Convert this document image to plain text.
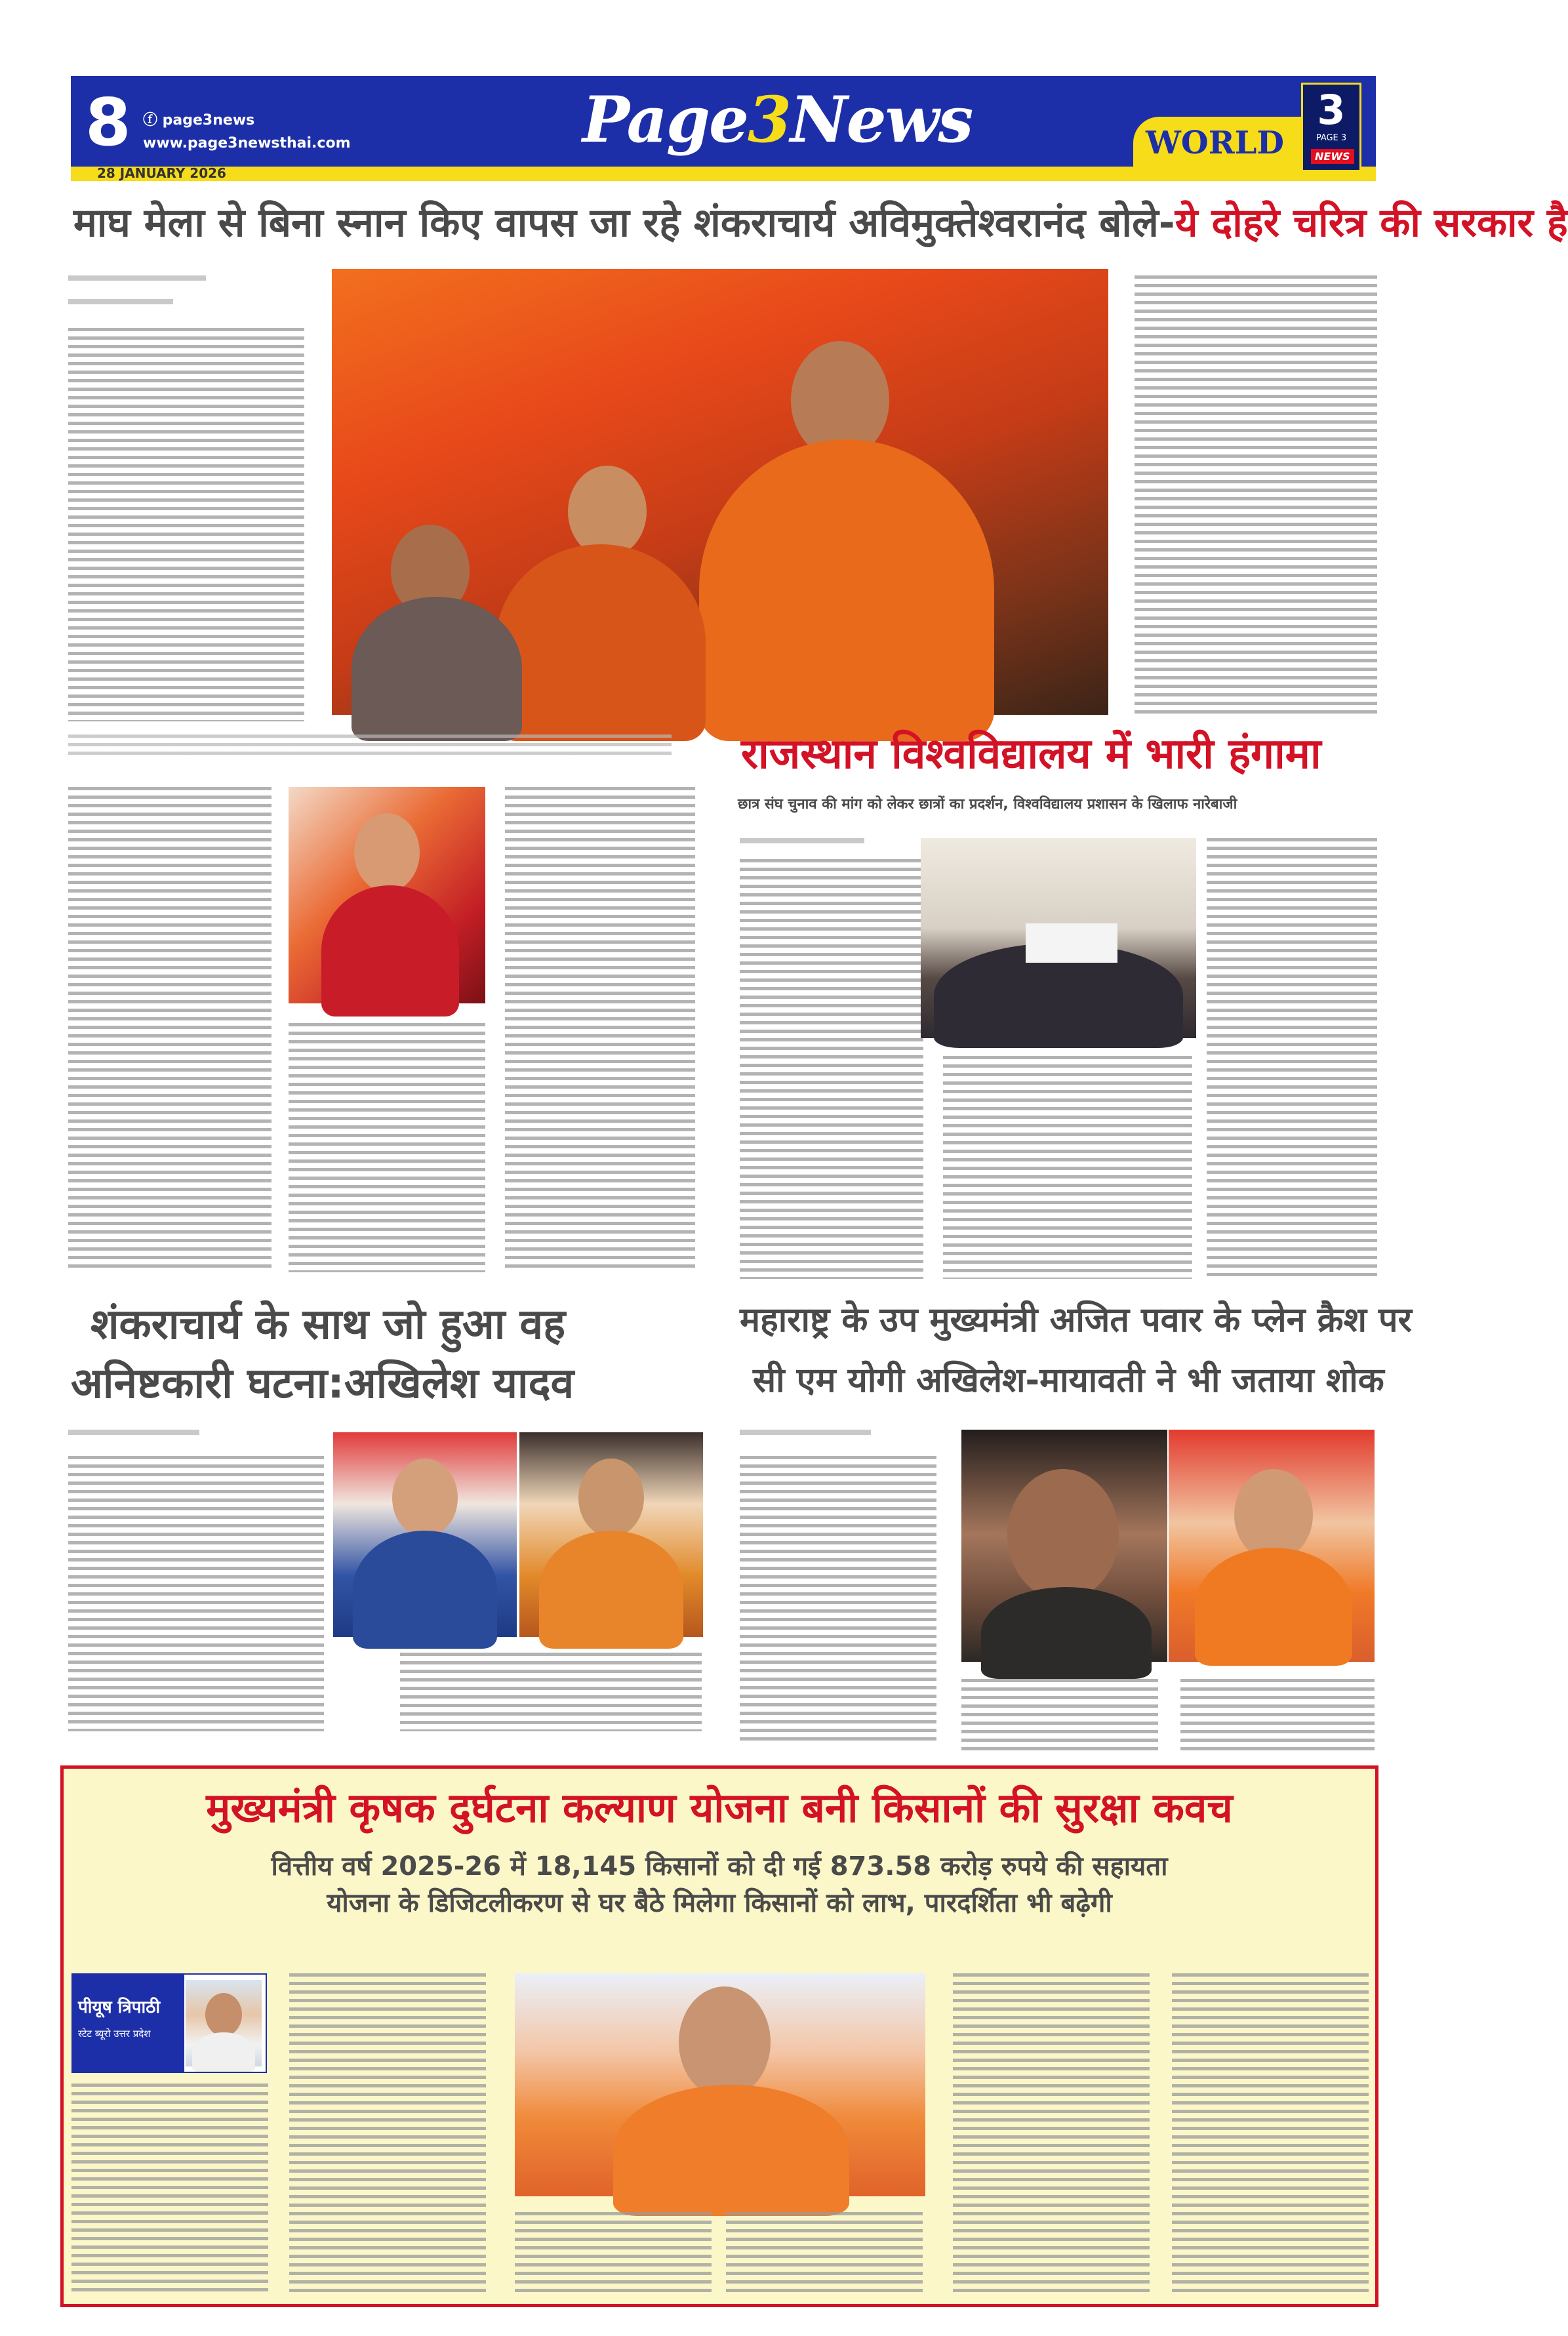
8 ⓕ page3news
www.page3newsthai.com
28 JANUARY 2026
Page3News	WORLD
3
PAGE 3
NEWS
माघ मेला से बिना स्नान किए वापस जा रहे शंकराचार्य अविमुक्तेश्वरानंद बोले-ये दोहरे चरित्र की सरकार है
राजस्थान विश्वविद्यालय में भारी हंगामा
छात्र संघ चुनाव की मांग को लेकर छात्रों का प्रदर्शन, विश्वविद्यालय प्रशासन के खिलाफ नारेबाजी
शंकराचार्य के साथ जो हुआ वह
अनिष्टकारी घटना:अखिलेश यादव
महाराष्ट्र के उप मुख्यमंत्री अजित पवार के प्लेन क्रैश पर
सी एम योगी अखिलेश-मायावती ने भी जताया शोक
मुख्यमंत्री कृषक दुर्घटना कल्याण योजना बनी किसानों की सुरक्षा कवच
वित्तीय वर्ष 2025-26 में 18,145 किसानों को दी गई 873.58 करोड़ रुपये की सहायता
योजना के डिजिटलीकरण से घर बैठे मिलेगा किसानों को लाभ, पारदर्शिता भी बढ़ेगी
पीयूष त्रिपाठी
स्टेट ब्यूरो उत्तर प्रदेश
